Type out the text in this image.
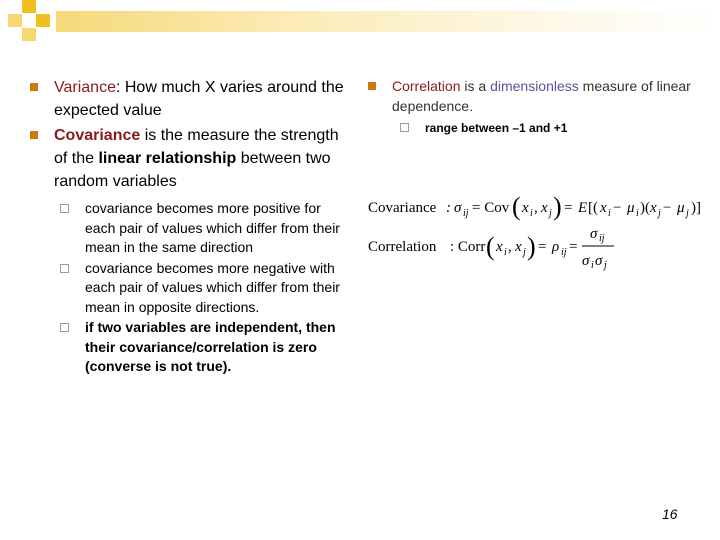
Variance: How much X varies around the expected value
Covariance is the measure the strength of the linear relationship between two random variables
covariance becomes more positive for each pair of values which differ from their mean in the same direction
covariance becomes more negative with each pair of values which differ from their mean in opposite directions.
if two variables are independent, then their covariance/correlation is zero (converse is not true).
Correlation is a dimensionless measure of linear dependence.
range between –1 and +1
Covariance : σ ij = Cov ( x i , x j ) = E [( x i − μ i )( x j − μ j )]
Correlation : Corr ( x i , x j ) = ρ ij =
σ ij
σ i σ j
16
